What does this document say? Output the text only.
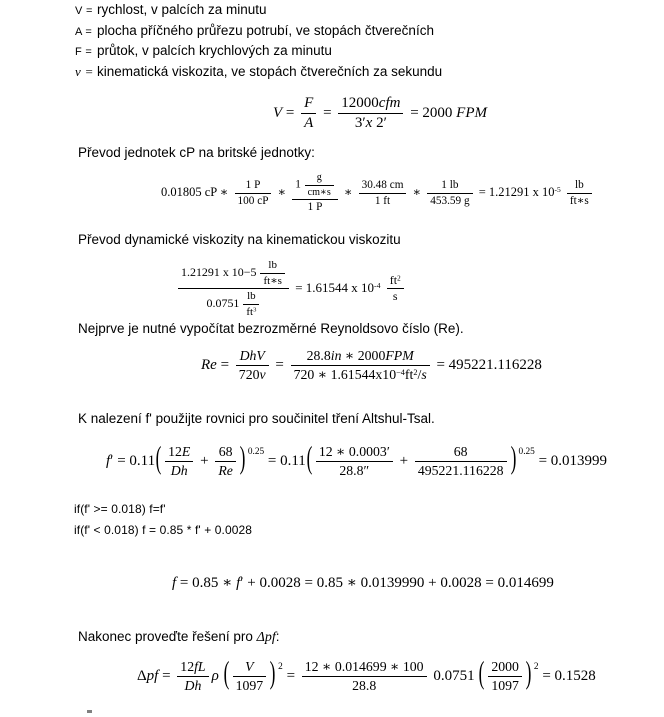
V = rychlost, v palcích za minutu
A = plocha příčného průřezu potrubí, ve stopách čtverečních
F = průtok, v palcích krychlových za minutu
v = kinematická viskozita, ve stopách čtverečních za sekundu
$V = \frac{F}{A}$ =
12000cfm
3′x 2′
= 2000 FPM
Převod jednotek cP na britské jednotky:
0.01805 cP ∗ $\frac{1 P}{100 cP}$ ∗
$1 \frac{g}{cm∗s}$
1 P
∗ $\frac{30.48 cm}{1 ft}$ ∗ $\frac{1 lb}{453.59 g} = 1.21291$ x $10^{-5} \frac{lb}{ft∗s}$
Převod dynamické viskozity na kinematickou viskozitu
1.21291 x $10-5 \frac{lb}{ft∗s}$
$0.0751 \frac{lb}{ft^3}$
= 1.61544 x $10^{-4} \frac{ft^2}{s}$
Nejprve je nutné vypočítat bezrozměrné Reynoldsovo číslo (Re).
Re =
DhV
720v
=
28.8in ∗ 2000FPM
720 ∗ $1.61544x10^{-4}ft^2/s$
= 495221.116228
K nalezení f' použijte rovnici pro součinitel tření Altshul-Tsal.
$f' = 0.11( \frac{12E}{Dh} + \frac{68}{Re}$ ) $^{0.25} = 0.11( \frac{12 ∗ 0.0003'}{28.8''} + \frac{68}{495221.116228}$ ) $^{0.25}$ = 0.013999
if(f' >= 0.018) f=f'
if(f' < 0.018) f = 0.85 * f' + 0.0028
f = 0.85 ∗ f′ + 0.0028 = 0.85 ∗ 0.0139990 + 0.0028 = 0.014699
Nakonec proveďte řešení pro Δpf:
$\Delta pf = \frac{12fL}{Dh}$ ρ ( $\frac{V}{1097}$ ) $^2 = \frac{12 ∗ 0.014699 ∗ 100}{28.8} 0.0751$ ( $\frac{2000}{1097}$ ) $^2$ = 0.1528
